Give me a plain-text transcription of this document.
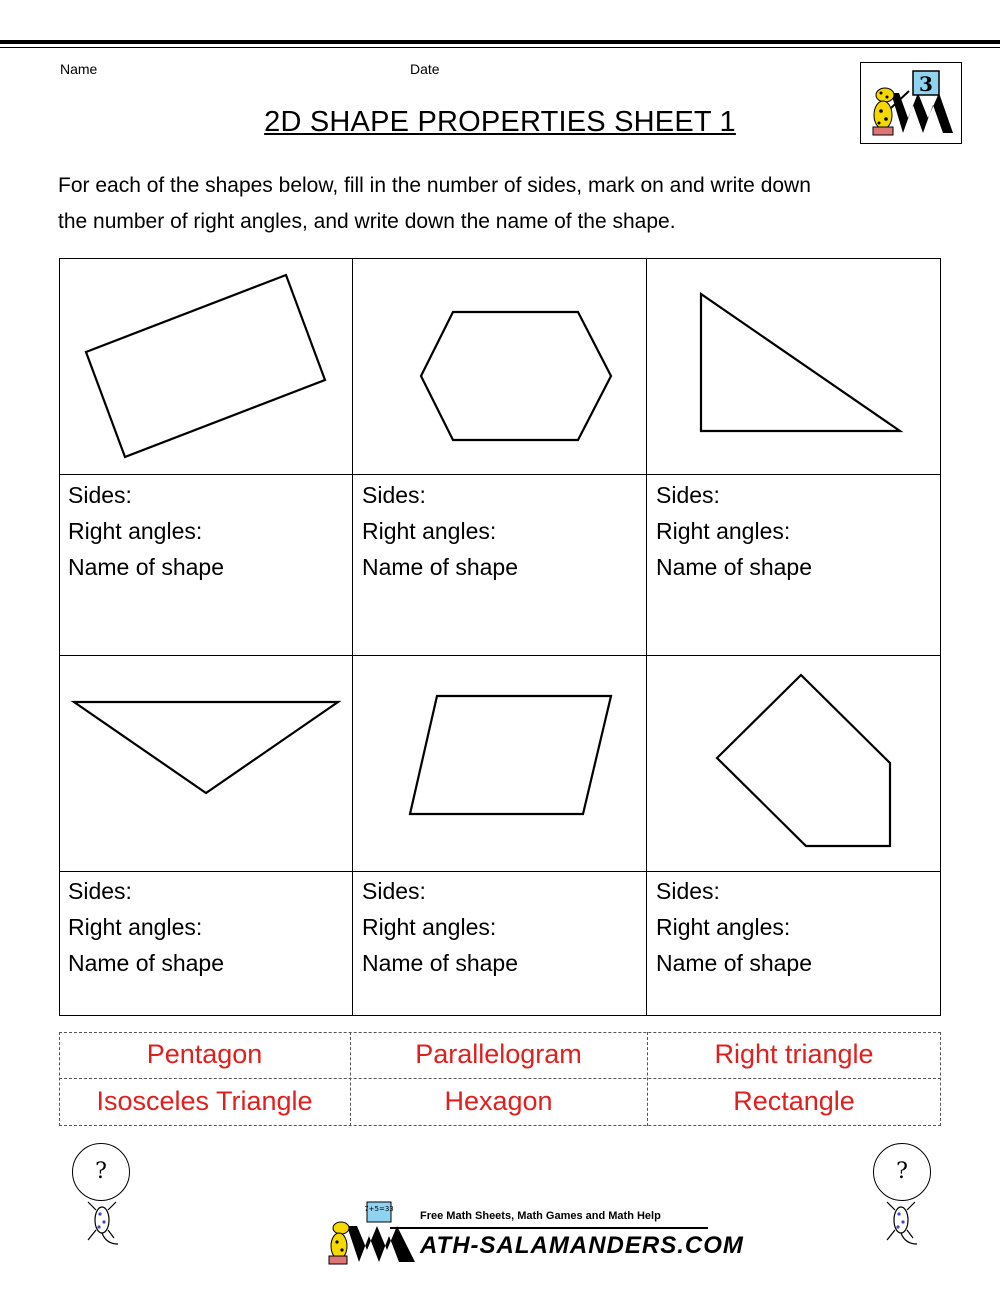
Name	Date
3
2D SHAPE PROPERTIES SHEET 1
For each of the shapes below, fill in the number of sides, mark on and write down
the number of right angles, and write down the name of the shape.
Sides:
Right angles:
Name of shape
Sides:
Right angles:
Name of shape
Sides:
Right angles:
Name of shape
Sides:
Right angles:
Name of shape
Sides:
Right angles:
Name of shape
Sides:
Right angles:
Name of shape
Pentagon	Parallelogram	Right triangle
Isosceles Triangle	Hexagon	Rectangle
?	?
7+5=33
Free Math Sheets, Math Games and Math Help
ATH-SALAMANDERS.COM
